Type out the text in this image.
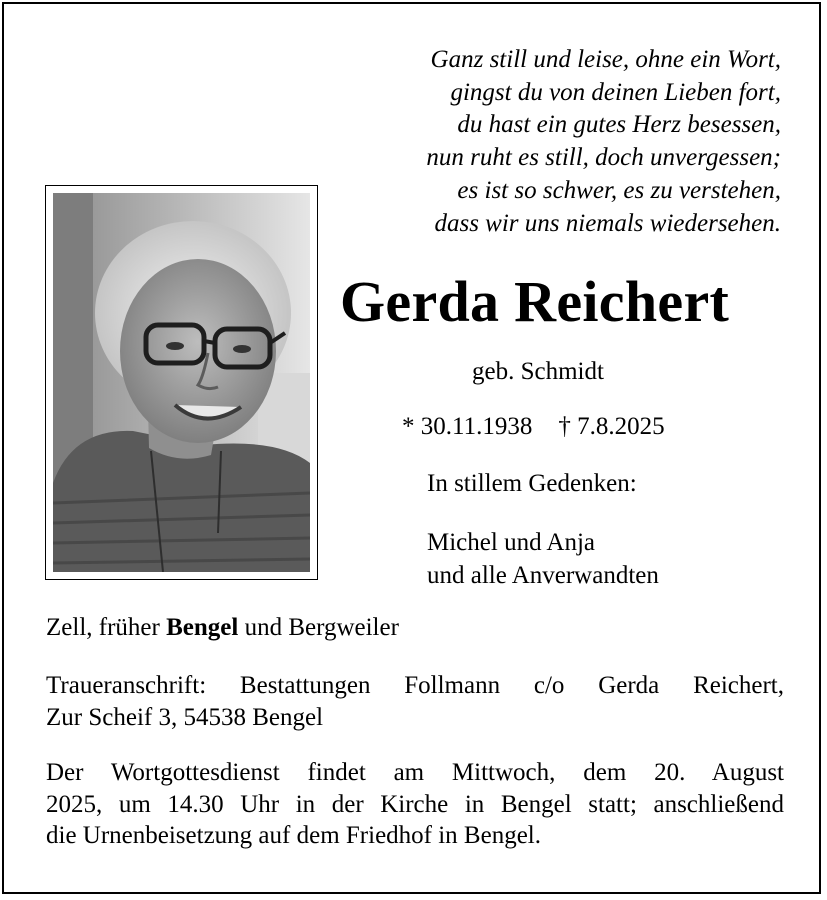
Ganz still und leise, ohne ein Wort,
gingst du von deinen Lieben fort,
du hast ein gutes Herz besessen,
nun ruht es still, doch unvergessen;
es ist so schwer, es zu verstehen,
dass wir uns niemals wiedersehen.
Gerda Reichert
geb. Schmidt
* 30.11.1938 † 7.8.2025
In stillem Gedenken:
Michel und Anja
und alle Anverwandten
Zell, früher Bengel und Bergweiler
Traueranschrift: Bestattungen Follmann c/o Gerda Reichert,
Zur Scheif 3, 54538 Bengel
Der Wortgottesdienst findet am Mittwoch, dem 20. August
2025, um 14.30 Uhr in der Kirche in Bengel statt; anschließend
die Urnenbeisetzung auf dem Friedhof in Bengel.
